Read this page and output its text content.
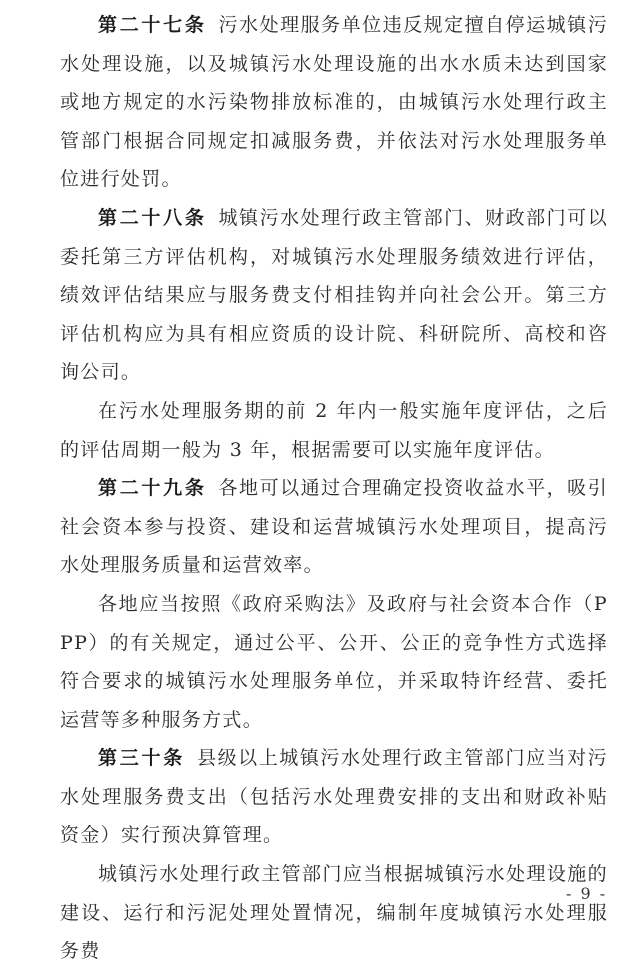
第二十七条 污水处理服务单位违反规定擅自停运城镇污水处理设施，以及城镇污水处理设施的出水水质未达到国家或地方规定的水污染物排放标准的，由城镇污水处理行政主管部门根据合同规定扣减服务费，并依法对污水处理服务单位进行处罚。

第二十八条 城镇污水处理行政主管部门、财政部门可以委托第三方评估机构，对城镇污水处理服务绩效进行评估，绩效评估结果应与服务费支付相挂钩并向社会公开。第三方评估机构应为具有相应资质的设计院、科研院所、高校和咨询公司。

在污水处理服务期的前 2 年内一般实施年度评估，之后的评估周期一般为 3 年，根据需要可以实施年度评估。

第二十九条 各地可以通过合理确定投资收益水平，吸引社会资本参与投资、建设和运营城镇污水处理项目，提高污水处理服务质量和运营效率。

各地应当按照《政府采购法》及政府与社会资本合作（PPP）的有关规定，通过公平、公开、公正的竞争性方式选择符合要求的城镇污水处理服务单位，并采取特许经营、委托运营等多种服务方式。

第三十条 县级以上城镇污水处理行政主管部门应当对污水处理服务费支出（包括污水处理费安排的支出和财政补贴资金）实行预决算管理。

城镇污水处理行政主管部门应当根据城镇污水处理设施的建设、运行和污泥处理处置情况，编制年度城镇污水处理服务费

- 9 -
